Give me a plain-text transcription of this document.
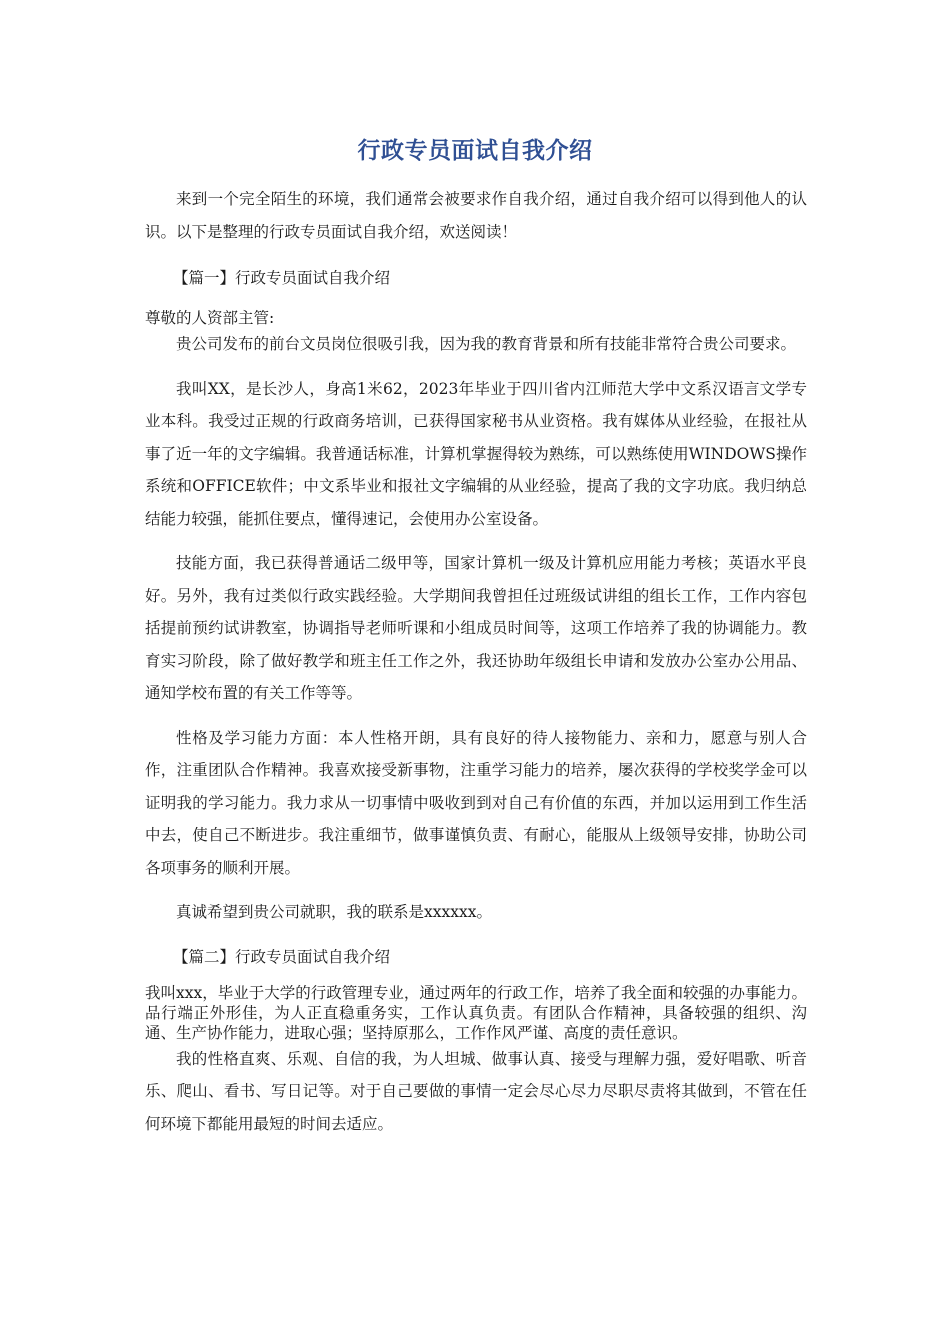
行政专员面试自我介绍

来到一个完全陌生的环境，我们通常会被要求作自我介绍，通过自我介绍可以得到他人的认识。以下是整理的行政专员面试自我介绍，欢送阅读！

【篇一】行政专员面试自我介绍

尊敬的人资部主管:

贵公司发布的前台文员岗位很吸引我，因为我的教育背景和所有技能非常符合贵公司要求。

我叫XX，是长沙人，身高1米62，2023年毕业于四川省内江师范大学中文系汉语言文学专业本科。我受过正规的行政商务培训，已获得国家秘书从业资格。我有媒体从业经验，在报社从事了近一年的文字编辑。我普通话标准，计算机掌握得较为熟练，可以熟练使用WINDOWS操作系统和OFFICE软件；中文系毕业和报社文字编辑的从业经验，提高了我的文字功底。我归纳总结能力较强，能抓住要点，懂得速记，会使用办公室设备。

技能方面，我已获得普通话二级甲等，国家计算机一级及计算机应用能力考核；英语水平良好。另外，我有过类似行政实践经验。大学期间我曾担任过班级试讲组的组长工作，工作内容包括提前预约试讲教室，协调指导老师听课和小组成员时间等，这项工作培养了我的协调能力。教育实习阶段，除了做好教学和班主任工作之外，我还协助年级组长申请和发放办公室办公用品、通知学校布置的有关工作等等。

性格及学习能力方面：本人性格开朗，具有良好的待人接物能力、亲和力，愿意与别人合作，注重团队合作精神。我喜欢接受新事物，注重学习能力的培养，屡次获得的学校奖学金可以证明我的学习能力。我力求从一切事情中吸收到到对自己有价值的东西，并加以运用到工作生活中去，使自己不断进步。我注重细节，做事谨慎负责、有耐心，能服从上级领导安排，协助公司各项事务的顺利开展。

真诚希望到贵公司就职，我的联系是xxxxxx。

【篇二】行政专员面试自我介绍

我叫xxx，毕业于大学的行政管理专业，通过两年的行政工作，培养了我全面和较强的办事能力。品行端正外形佳，为人正直稳重务实，工作认真负责。有团队合作精神，具备较强的组织、沟通、生产协作能力，进取心强；坚持原那么，工作作风严谨、高度的责任意识。

我的性格直爽、乐观、自信的我，为人坦城、做事认真、接受与理解力强，爱好唱歌、听音乐、爬山、看书、写日记等。对于自己要做的事情一定会尽心尽力尽职尽责将其做到，不管在任何环境下都能用最短的时间去适应。
